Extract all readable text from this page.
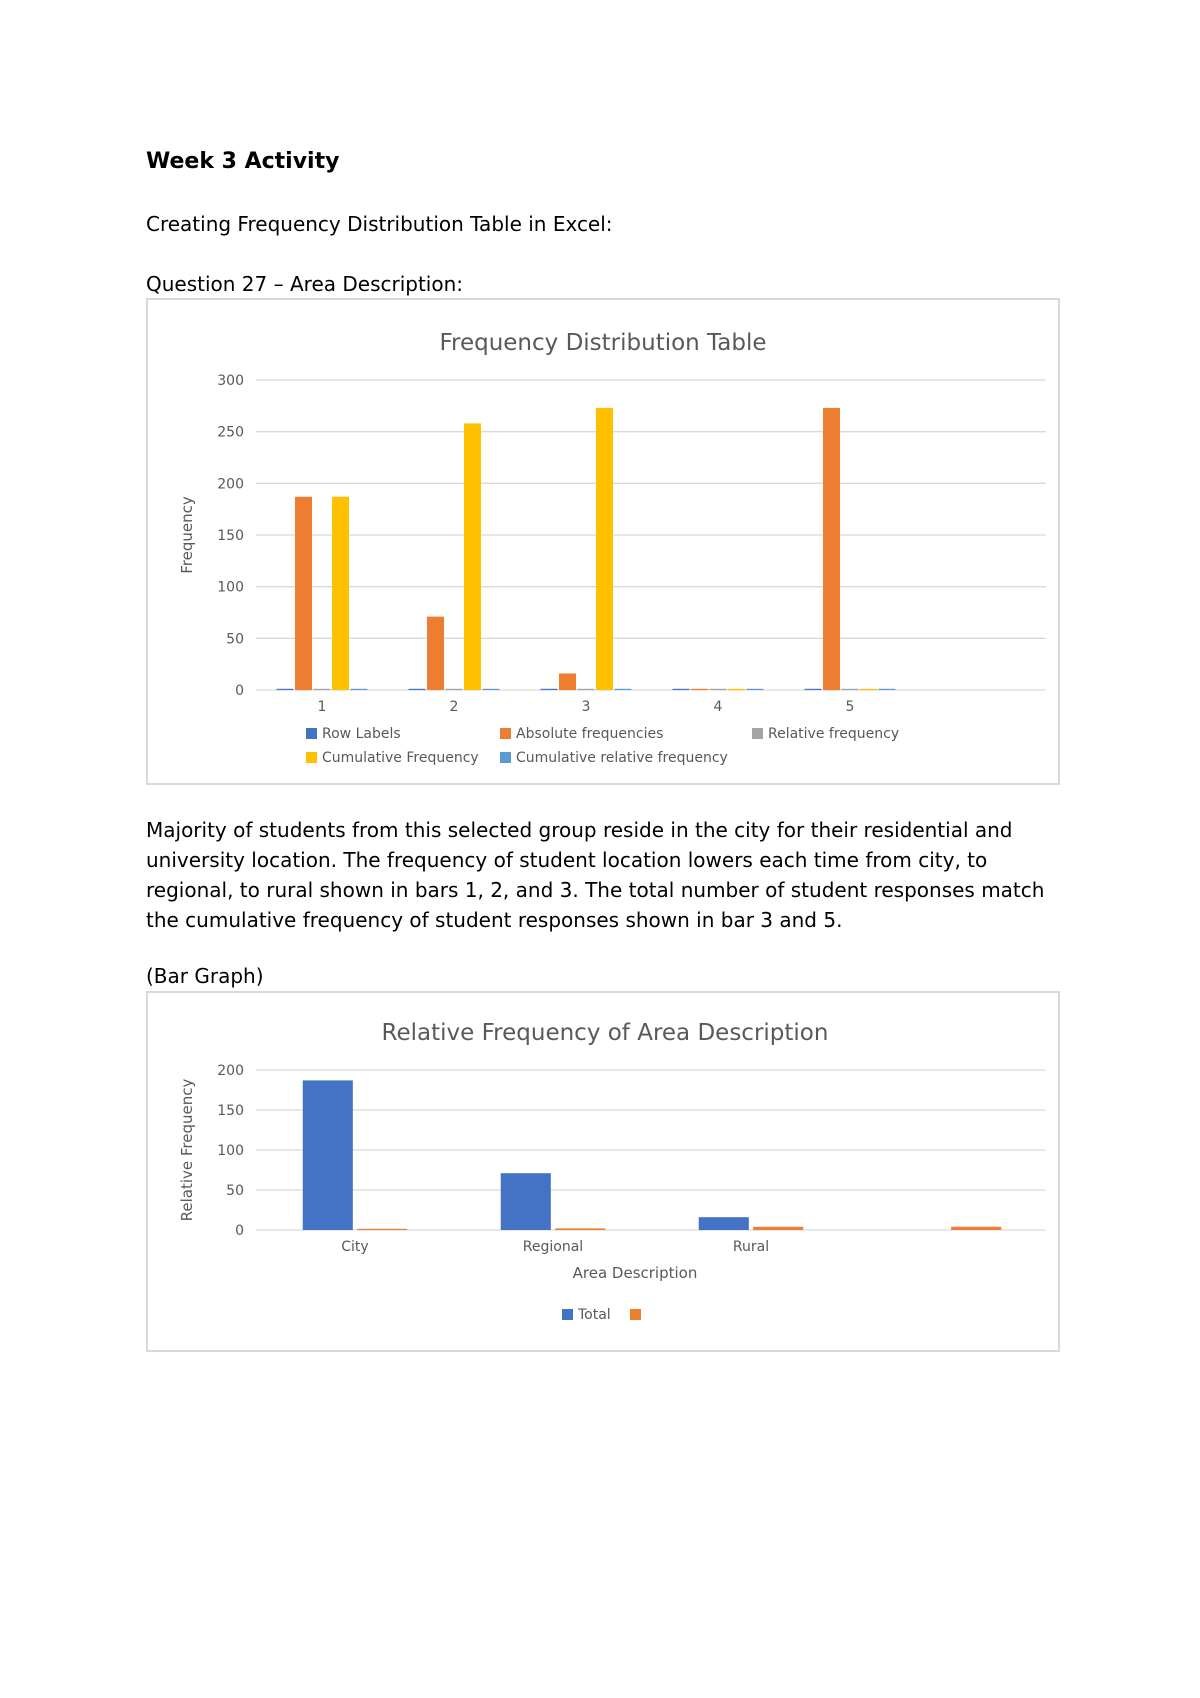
Week 3 Activity

Creating Frequency Distribution Table in Excel:

Question 27 – Area Description:

Frequency Distribution Table
0
50
100
150
200
250
300
Frequency
1	2	3	4	5
Row Labels	Absolute frequencies	Relative frequency
Cumulative Frequency	Cumulative relative frequency

Majority of students from this selected group reside in the city for their residential and university location. The frequency of student location lowers each time from city, to regional, to rural shown in bars 1, 2, and 3. The total number of student responses match the cumulative frequency of student responses shown in bar 3 and 5.

(Bar Graph)

Relative Frequency of Area Description
0
50
100
150
200
Relative Frequency
Area Description
City	Regional	Rural
Total
